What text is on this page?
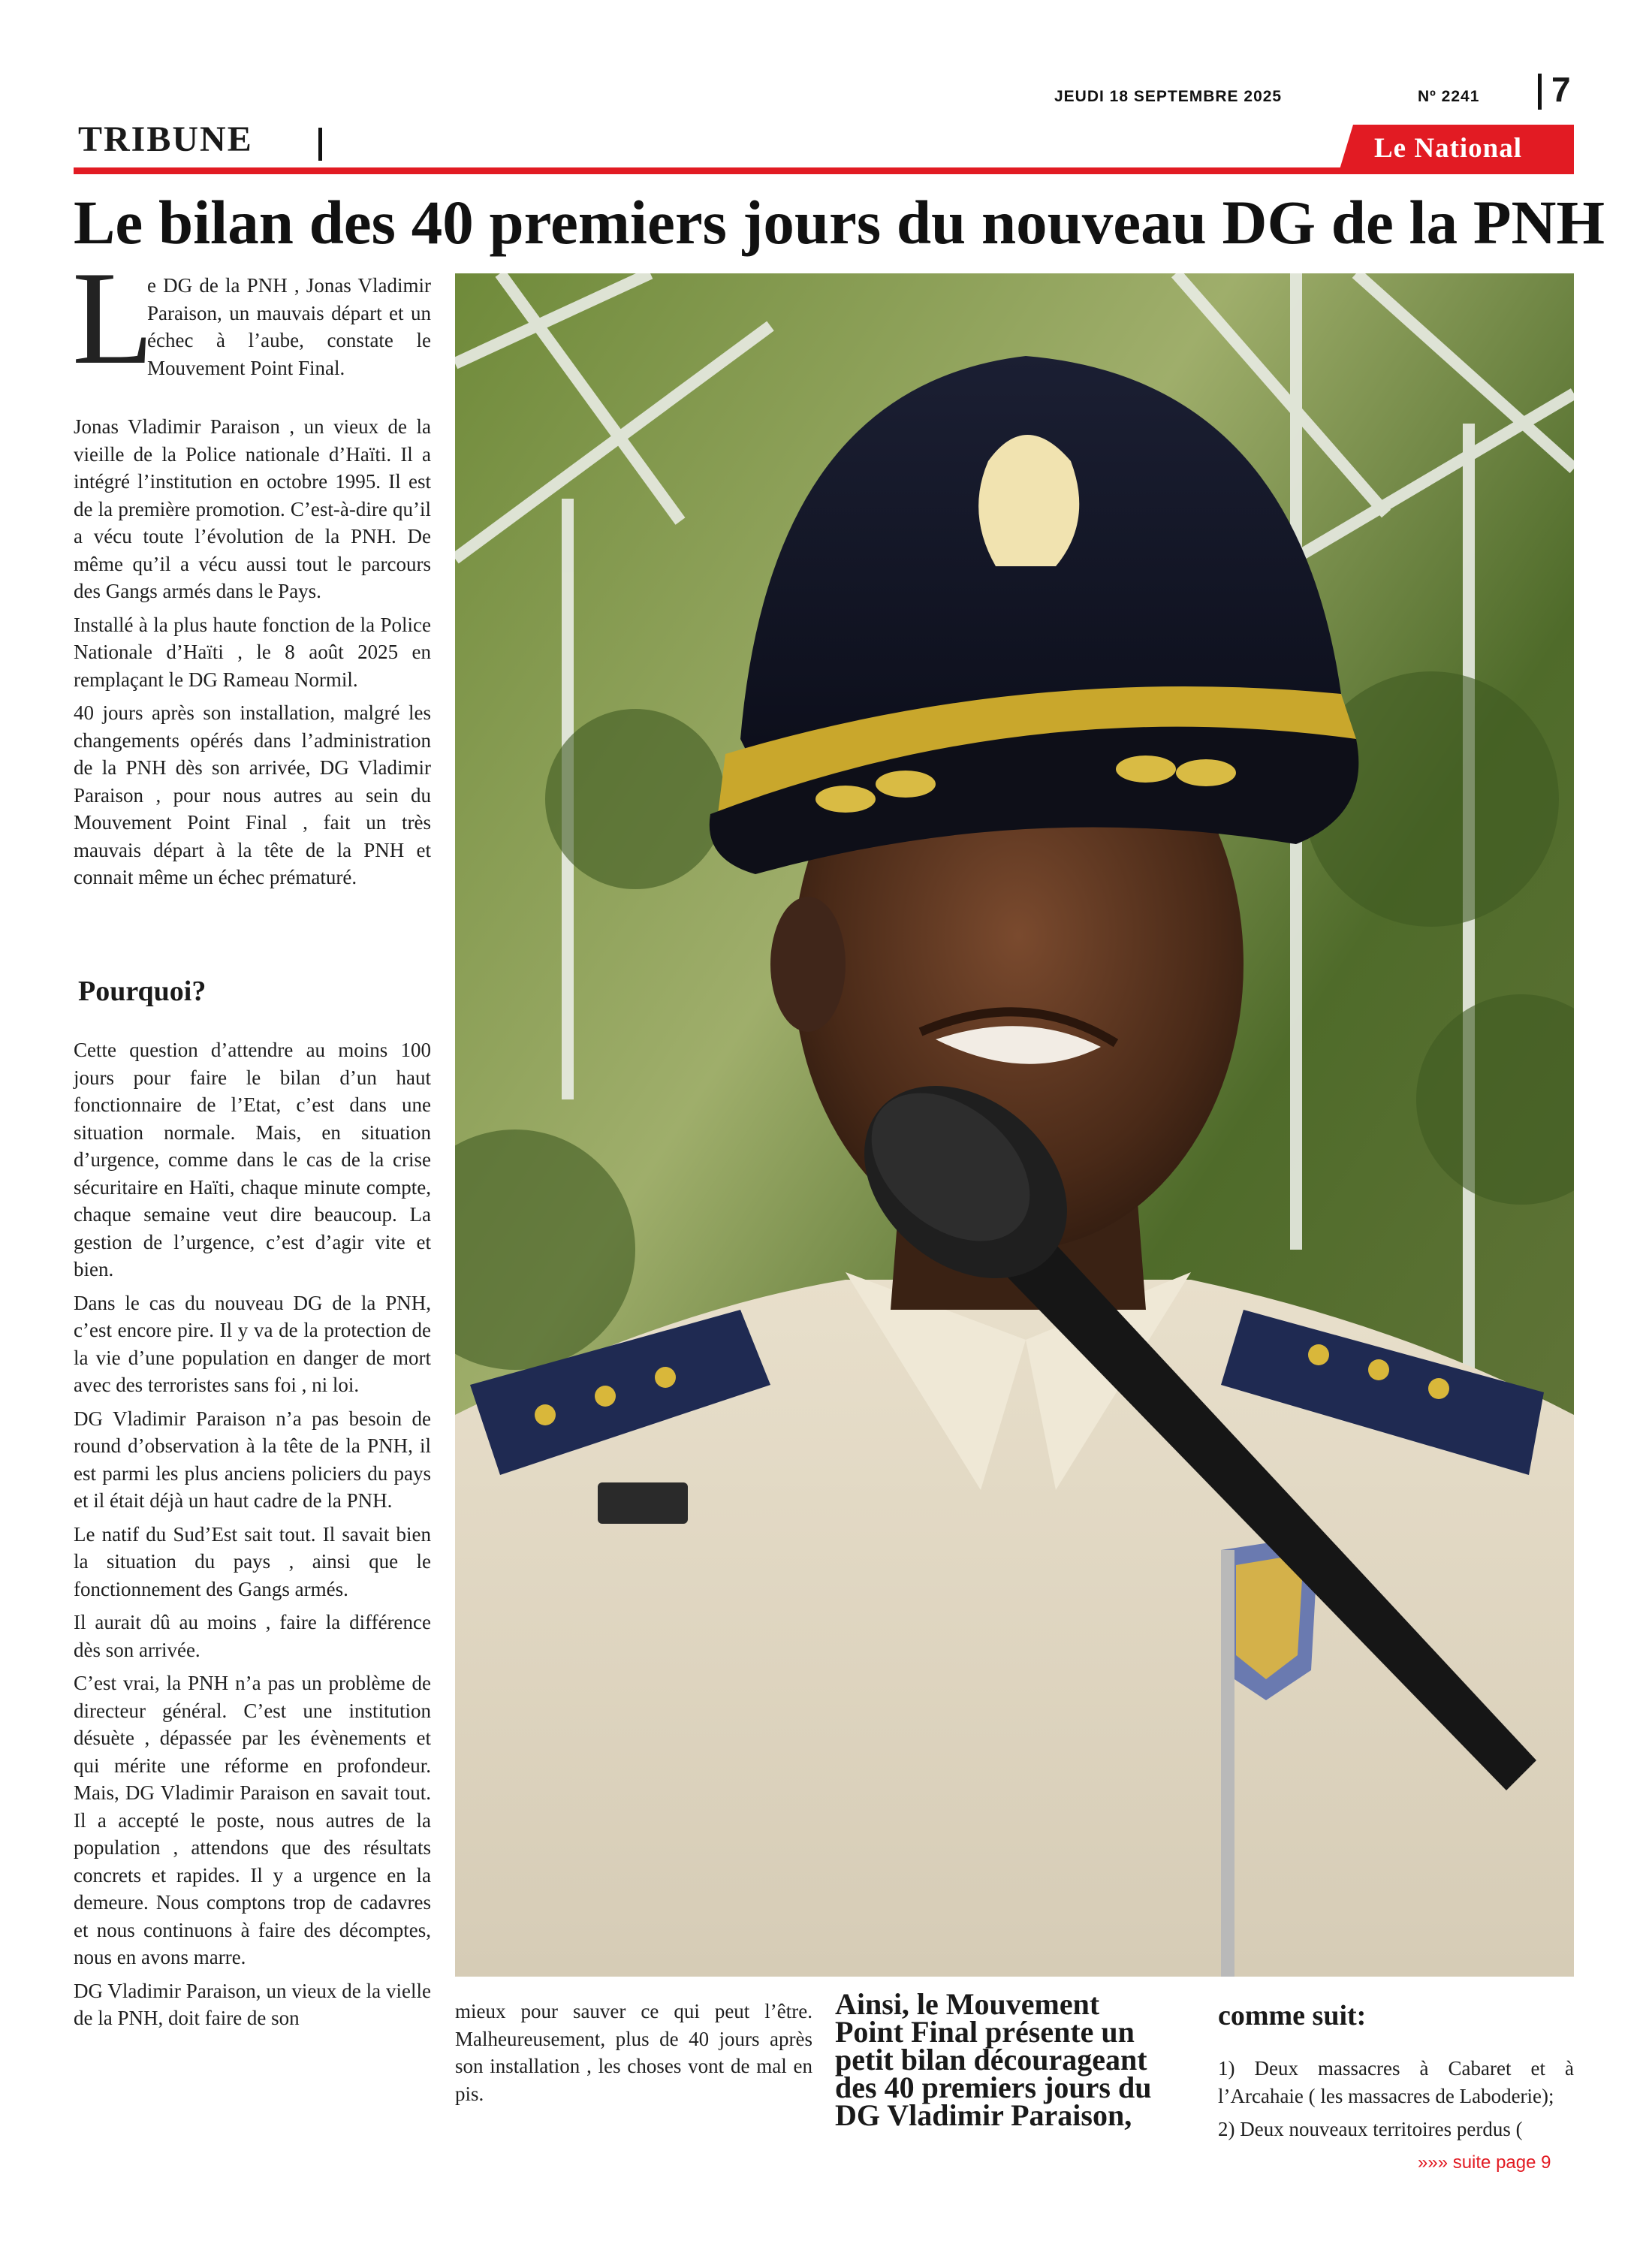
JEUDI 18 SEPTEMBRE 2025	Nº 2241 7
TRIBUNE	Le National
Le bilan des 40 premiers jours du nouveau DG de la PNH
L
e DG de la PNH , Jonas Vladimir Paraison, un mauvais départ et un échec à l’aube, constate le Mouvement Point Final.

Jonas Vladimir Paraison , un vieux de la vieille de la Police nationale d’Haïti. Il a intégré l’institution en octobre 1995. Il est de la première promotion. C’est-à-dire qu’il a vécu toute l’évolution de la PNH. De même qu’il a vécu aussi tout le parcours des Gangs armés dans le Pays.

Installé à la plus haute fonction de la Police Nationale d’Haïti , le 8 août 2025 en remplaçant le DG Rameau Normil.

40 jours après son installation, malgré les changements opérés dans l’administration de la PNH dès son arrivée, DG Vladimir Paraison , pour nous autres au sein du Mouvement Point Final , fait un très mauvais départ à la tête de la PNH et connait même un échec prématuré.

Pourquoi?

Cette question d’attendre au moins 100 jours pour faire le bilan d’un haut fonctionnaire de l’Etat, c’est dans une situation normale. Mais, en situation d’urgence, comme dans le cas de la crise sécuritaire en Haïti, chaque minute compte, chaque semaine veut dire beaucoup. La gestion de l’urgence, c’est d’agir vite et bien.

Dans le cas du nouveau DG de la PNH, c’est encore pire. Il y va de la protection de la vie d’une population en danger de mort avec des terroristes sans foi , ni loi.

DG Vladimir Paraison n’a pas besoin de round d’observation à la tête de la PNH, il est parmi les plus anciens policiers du pays et il était déjà un haut cadre de la PNH.

Le natif du Sud’Est sait tout. Il savait bien la situation du pays , ainsi que le fonctionnement des Gangs armés.

Il aurait dû au moins , faire la différence dès son arrivée.

C’est vrai, la PNH n’a pas un problème de directeur général. C’est une institution désuète , dépassée par les évènements et qui mérite une réforme en profondeur. Mais, DG Vladimir Paraison en savait tout. Il a accepté le poste, nous autres de la population , attendons que des résultats concrets et rapides. Il y a urgence en la demeure. Nous comptons trop de cadavres et nous continuons à faire des décomptes, nous en avons marre.

DG Vladimir Paraison, un vieux de la vielle de la PNH, doit faire de son	mieux pour sauver ce qui peut l’être. Malheureusement, plus de 40 jours après son installation , les choses vont de mal en pis.

Ainsi, le Mouvement Point Final présente un petit bilan décourageant des 40 premiers jours du DG Vladimir Paraison,
comme suit:

1) Deux massacres à Cabaret et à l’Arcahaie ( les massacres de Laboderie);

2) Deux nouveaux territoires perdus (

»»» suite page 9
